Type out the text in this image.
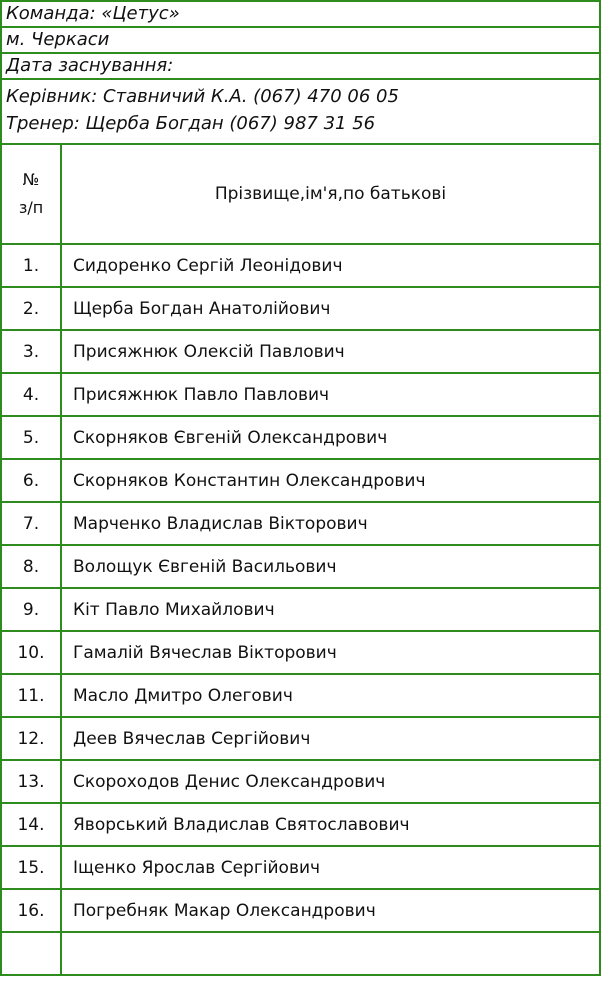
Команда: «Цетус»	
м. Черкаси	
Дата заснування:	

Керівник: Ставничий К.А. (067) 470 06 05
Тренер: Щерба Богдан (067) 987 31 56	

№
з/п	Прізвище,ім'я,по батькові
1.	Сидоренко Сергій Леонідович
2.	Щерба Богдан Анатолійович
3.	Присяжнюк Олексій Павлович
4.	Присяжнюк Павло Павлович
5.	Скорняков Євгеній Олександрович
6.	Скорняков Константин Олександрович
7.	Марченко Владислав Вікторович
8.	Волощук Євгеній Васильович
9.	Кіт Павло Михайлович
10.	Гамалій Вячеслав Вікторович
11.	Масло Дмитро Олегович
12.	Деев Вячеслав Сергійович
13.	Скороходов Денис Олександрович
14.	Яворський Владислав Святославович
15.	Іщенко Ярослав Сергійович
16.	Погребняк Макар Олександрович
